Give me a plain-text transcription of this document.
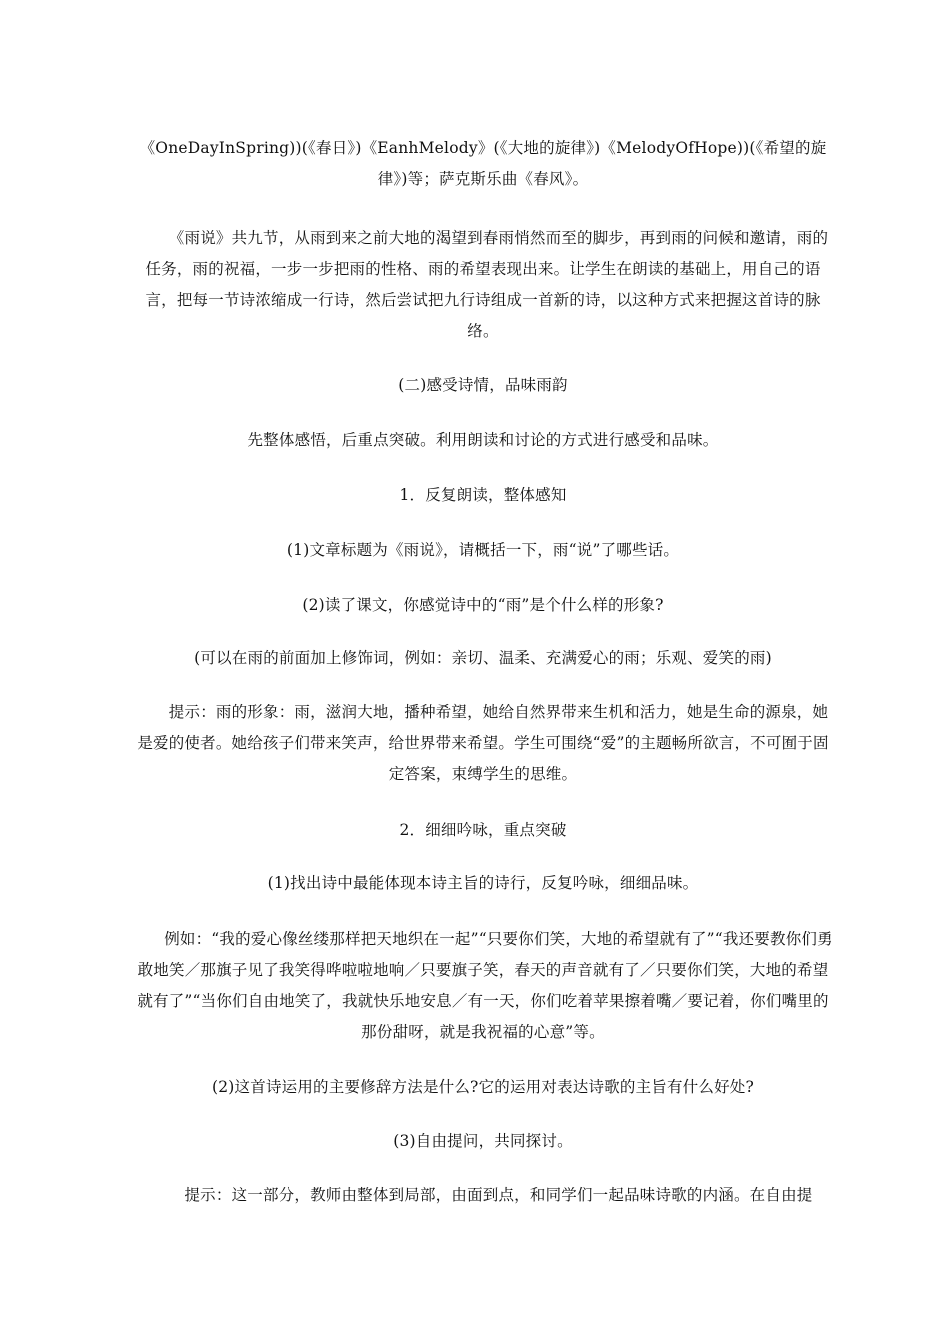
《OneDayInSpring))(《春日》)《EanhMelody》(《大地的旋律》)《MelodyOfHope))(《希望的旋律》)等；萨克斯乐曲《春风》。

《雨说》共九节，从雨到来之前大地的渴望到春雨悄然而至的脚步，再到雨的问候和邀请，雨的任务，雨的祝福，一步一步把雨的性格、雨的希望表现出来。让学生在朗读的基础上，用自己的语言，把每一节诗浓缩成一行诗，然后尝试把九行诗组成一首新的诗，以这种方式来把握这首诗的脉络。

(二)感受诗情，品味雨韵

先整体感悟，后重点突破。利用朗读和讨论的方式进行感受和品味。

1．反复朗读，整体感知

(1)文章标题为《雨说》，请概括一下，雨“说”了哪些话。

(2)读了课文，你感觉诗中的“雨”是个什么样的形象?

(可以在雨的前面加上修饰词，例如：亲切、温柔、充满爱心的雨；乐观、爱笑的雨)

提示：雨的形象：雨，滋润大地，播种希望，她给自然界带来生机和活力，她是生命的源泉，她是爱的使者。她给孩子们带来笑声，给世界带来希望。学生可围绕“爱”的主题畅所欲言，不可囿于固定答案，束缚学生的思维。

2．细细吟咏，重点突破

(1)找出诗中最能体现本诗主旨的诗行，反复吟咏，细细品味。

例如：“我的爱心像丝缕那样把天地织在一起”“只要你们笑，大地的希望就有了”“我还要教你们勇敢地笑／那旗子见了我笑得哗啦啦地响／只要旗子笑，春天的声音就有了／只要你们笑，大地的希望就有了”“当你们自由地笑了，我就快乐地安息／有一天，你们吃着苹果擦着嘴／要记着，你们嘴里的那份甜呀，就是我祝福的心意”等。

(2)这首诗运用的主要修辞方法是什么?它的运用对表达诗歌的主旨有什么好处?

(3)自由提问，共同探讨。

提示：这一部分，教师由整体到局部，由面到点，和同学们一起品味诗歌的内涵。在自由提
